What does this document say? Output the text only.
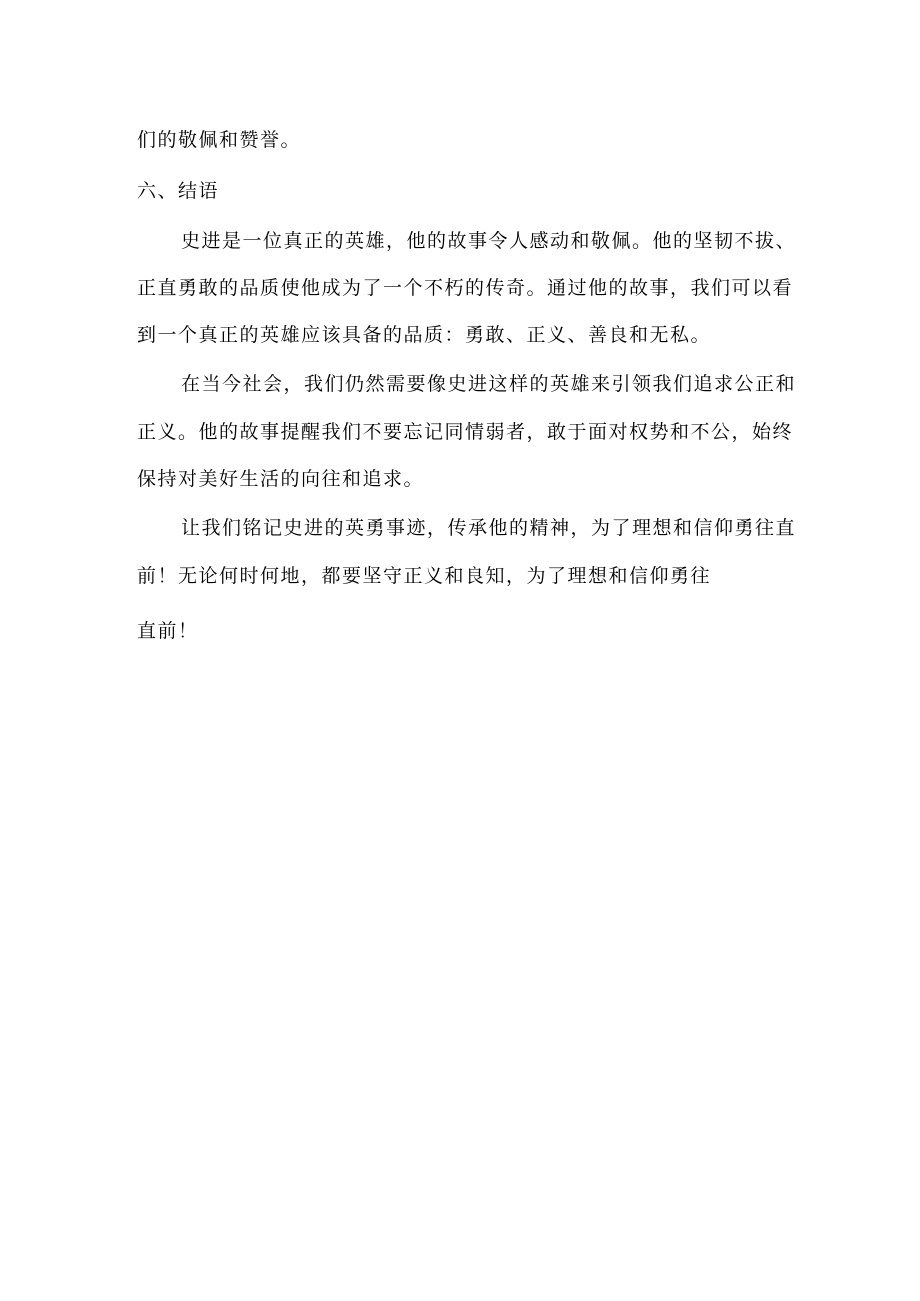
们的敬佩和赞誉。
六、结语
史进是一位真正的英雄，他的故事令人感动和敬佩。他的坚韧不拔、
正直勇敢的品质使他成为了一个不朽的传奇。通过他的故事，我们可以看
到一个真正的英雄应该具备的品质：勇敢、正义、善良和无私。
在当今社会，我们仍然需要像史进这样的英雄来引领我们追求公正和
正义。他的故事提醒我们不要忘记同情弱者，敢于面对权势和不公，始终
保持对美好生活的向往和追求。
让我们铭记史进的英勇事迹，传承他的精神，为了理想和信仰勇往直
前！无论何时何地，都要坚守正义和良知，为了理想和信仰勇往
直前！
